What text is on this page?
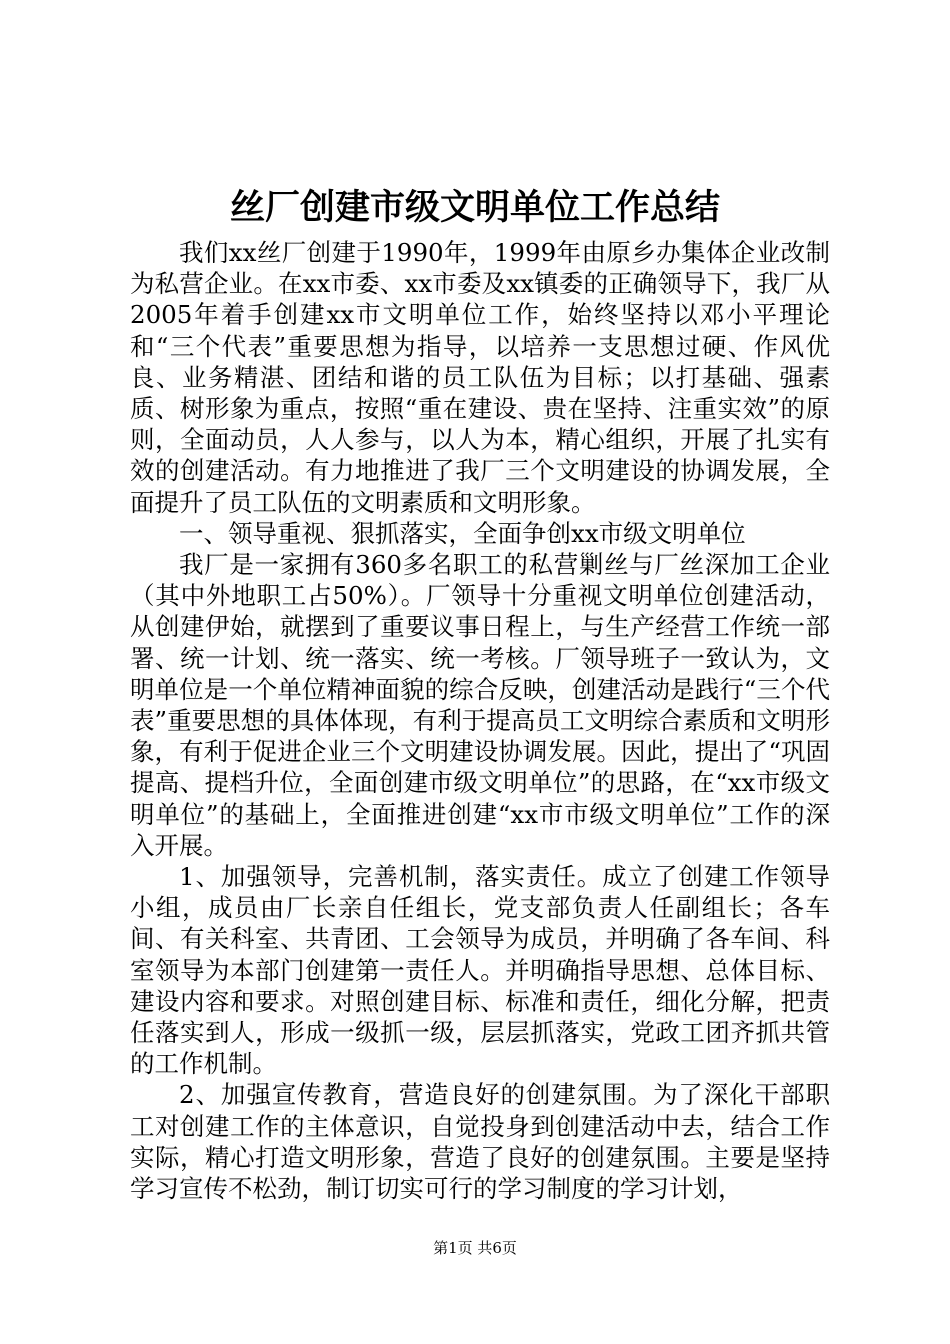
丝厂创建市级文明单位工作总结

我们xx丝厂创建于1990年，1999年由原乡办集体企业改制为私营企业。在xx市委、xx市委及xx镇委的正确领导下，我厂从2005年着手创建xx市文明单位工作，始终坚持以邓小平理论和“三个代表”重要思想为指导，以培养一支思想过硬、作风优良、业务精湛、团结和谐的员工队伍为目标；以打基础、强素质、树形象为重点，按照“重在建设、贵在坚持、注重实效”的原则，全面动员，人人参与，以人为本，精心组织，开展了扎实有效的创建活动。有力地推进了我厂三个文明建设的协调发展，全面提升了员工队伍的文明素质和文明形象。

一、领导重视、狠抓落实，全面争创xx市级文明单位

我厂是一家拥有360多名职工的私营剿丝与厂丝深加工企业（其中外地职工占50%）。厂领导十分重视文明单位创建活动，从创建伊始，就摆到了重要议事日程上，与生产经营工作统一部署、统一计划、统一落实、统一考核。厂领导班子一致认为，文明单位是一个单位精神面貌的综合反映，创建活动是践行“三个代表”重要思想的具体体现，有利于提高员工文明综合素质和文明形象，有利于促进企业三个文明建设协调发展。因此，提出了“巩固提高、提档升位，全面创建市级文明单位”的思路，在“xx市级文明单位”的基础上，全面推进创建“xx市市级文明单位”工作的深入开展。

1、加强领导，完善机制，落实责任。成立了创建工作领导小组，成员由厂长亲自任组长，党支部负责人任副组长；各车间、有关科室、共青团、工会领导为成员，并明确了各车间、科室领导为本部门创建第一责任人。并明确指导思想、总体目标、建设内容和要求。对照创建目标、标准和责任，细化分解，把责任落实到人，形成一级抓一级，层层抓落实，党政工团齐抓共管的工作机制。

2、加强宣传教育，营造良好的创建氛围。为了深化干部职工对创建工作的主体意识，自觉投身到创建活动中去，结合工作实际，精心打造文明形象，营造了良好的创建氛围。主要是坚持学习宣传不松劲，制订切实可行的学习制度的学习计划，

第1页 共6页
